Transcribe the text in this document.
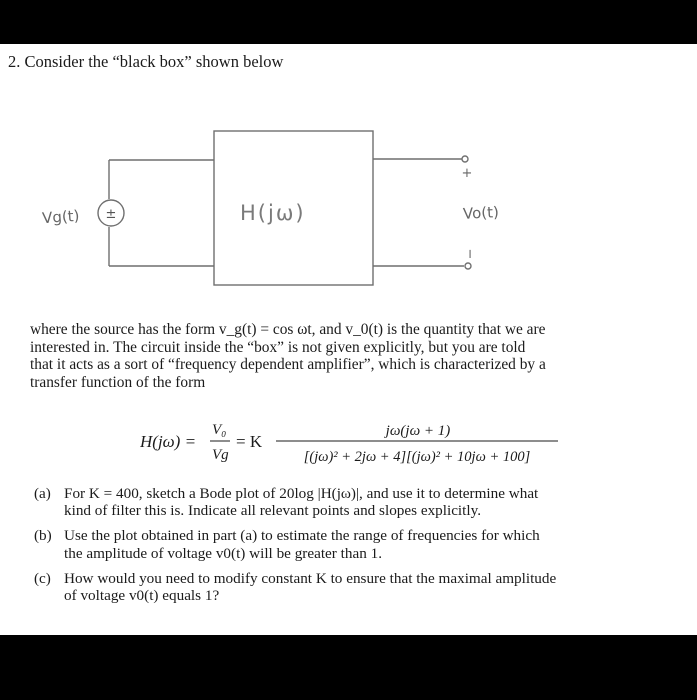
2. Consider the “black box” shown below
±
Vg(t)	H(jω)	Vo(t)
+
−
where the source has the form v_g(t) = cos ωt, and v_0(t) is the quantity that we are
interested in. The circuit inside the “box” is not given explicitly, but you are told
that it acts as a sort of “frequency dependent amplifier”, which is characterized by a
transfer function of the form
H(jω) =
V₀
Vg
= K
jω(jω + 1)
[(jω)² + 2jω + 4][(jω)² + 10jω + 100]
(a) For K = 400, sketch a Bode plot of 20log |H(jω)|, and use it to determine what
kind of filter this is. Indicate all relevant points and slopes explicitly.
(b) Use the plot obtained in part (a) to estimate the range of frequencies for which
the amplitude of voltage v0(t) will be greater than 1.
(c) How would you need to modify constant K to ensure that the maximal amplitude
of voltage v0(t) equals 1?
